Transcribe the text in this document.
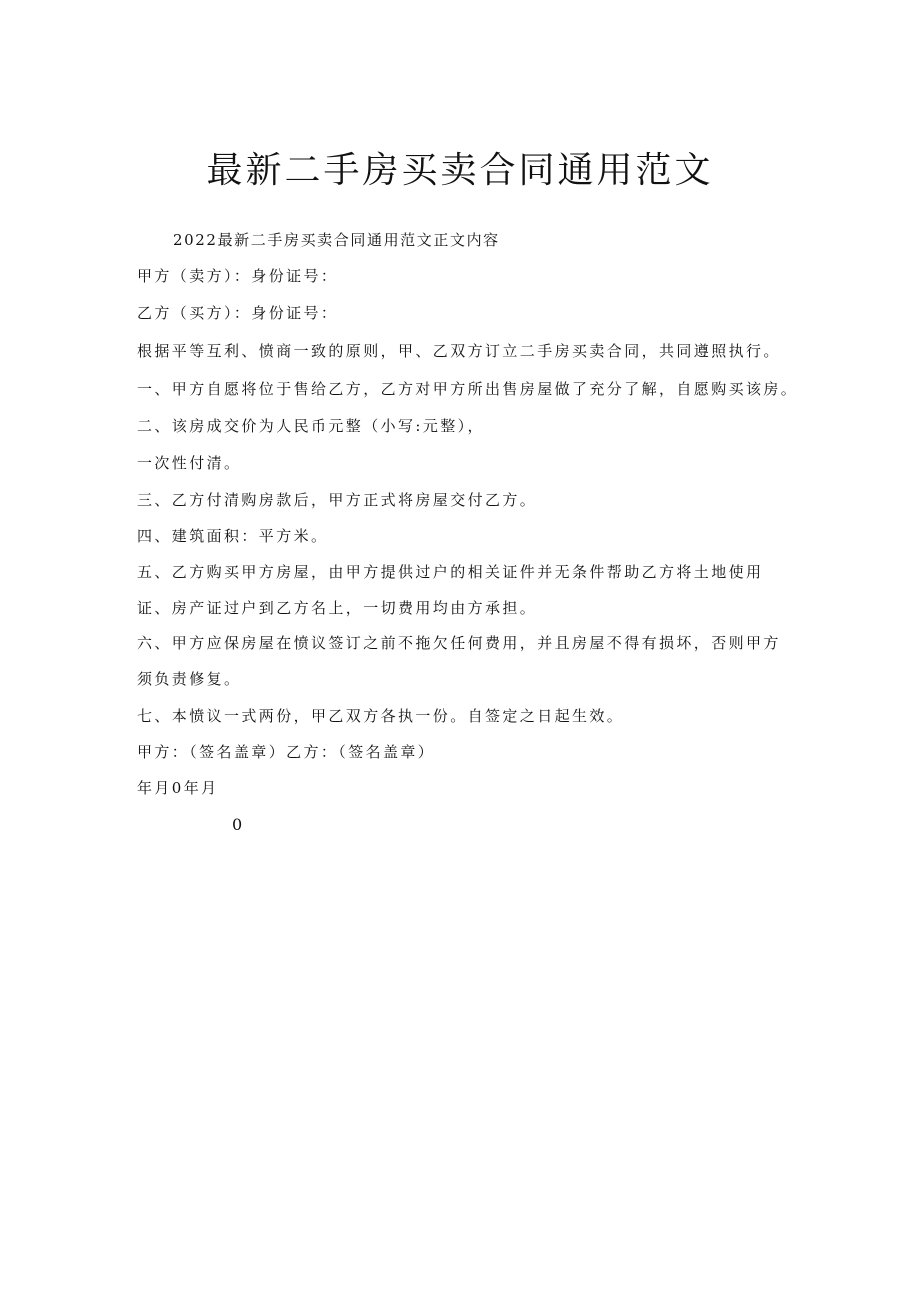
最新二手房买卖合同通用范文

2022最新二手房买卖合同通用范文正文内容

甲方（卖方）：身份证号：

乙方（买方）：身份证号：

根据平等互利、愤商一致的原则，甲、乙双方订立二手房买卖合同，共同遵照执行。

一、甲方自愿将位于售给乙方，乙方对甲方所出售房屋做了充分了解，自愿购买该房。

二、该房成交价为人民币元整（小写:元整），

一次性付清。

三、乙方付清购房款后，甲方正式将房屋交付乙方。

四、建筑面积：平方米。

五、乙方购买甲方房屋，由甲方提供过户的相关证件并无条件帮助乙方将土地使用

证、房产证过户到乙方名上，一切费用均由方承担。

六、甲方应保房屋在愤议签订之前不拖欠任何费用，并且房屋不得有损坏，否则甲方

须负责修复。

七、本愤议一式两份，甲乙双方各执一份。自签定之日起生效。

甲方：（签名盖章）乙方：（签名盖章）

年月0年月

0
